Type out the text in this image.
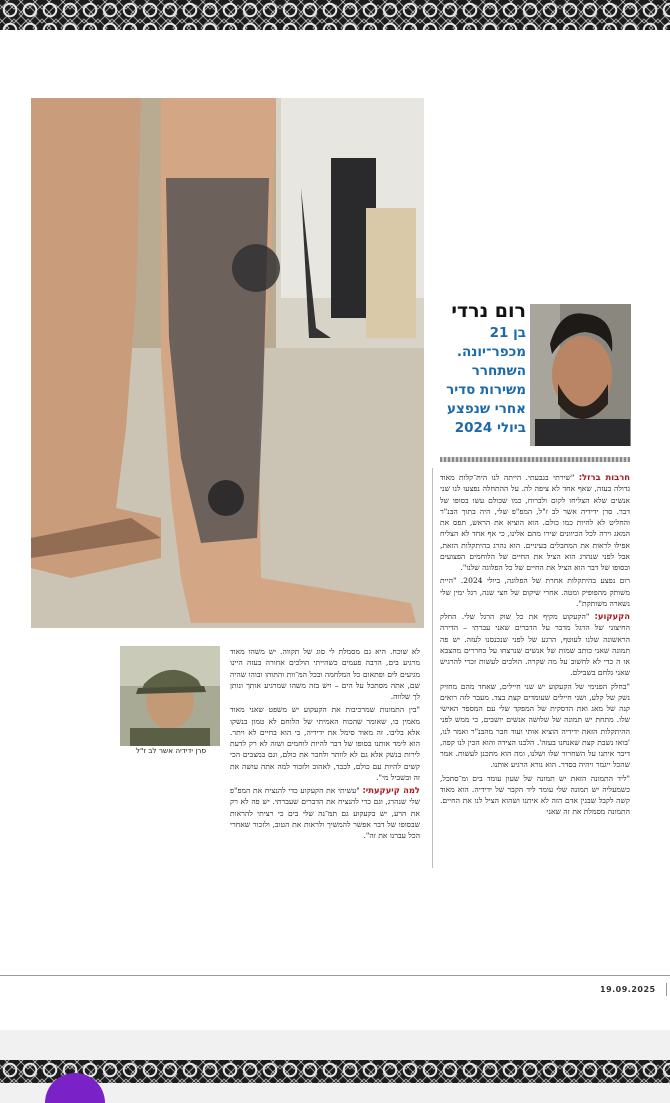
רום נרדי

בן 21 מכפר־יונה. השתחרר משירות סדיר אחרי שנפצע ביולי 2024

חרבות ברזל: "שירתי בגבעתי. הייתה לנו היתּ־קלות מאוד גדולה בעזה, שאף אחד לא ציפה לה. על ההתחלה נפצעו לנו שני אנשים שלא הצליחו לקום ולברוח, כמו שכולם עשו בסופו של דבר. סרן ידידיה אשר לב ז"ל, המפ"פ שלי, היה בתוך הבּנ"ר והחליט לא להיות כמו כולם. הוא הוציא את הראש, תפס את המאג וירה לכל הכיוונים שירו מהם אלינו, כי אף אחד לא הצליח אפילו לראות את המחבלים בעיניים. הוא נהרג בהיתקלות הזאת, אבל לפני שנהרג הוא הציל את החיים של הלוחמים הפצועים ובסופו של דבר הוא הציל את החיים של כל הפלוגה שלנו".

רום נפצע בהיתקלות אחרת של הפלוגה, ביולי 2024. "היית משותק מהפופיק ומטה. אחרי שיקום של חצי שנה, רגל ימין שלי נשארה משותקת".

הקעקוע: "הקעקוע מקיף את כל שוק הרגל שלי. החלק החיצוני של הרגל מדבר על הדברים שאני עברתי – הדירה הראשונה שלנו לעוטף, הרגע של לפני שנכנסנו לעזה. יש פה תמונה שאני כותב שמות של אנשים שנרצחו על כחררים מהצבא או ה כדי לא לחשוב על מה שקרה. הולכים לעשות זכרי להרגיש שאני גלחם בשבילם.

"בחלק הפנימי של הקעקוע יש שני חיילים, שאחד מהם מחזיק נשק של קלע, ושני חיילים שעומדים קצת בצד. מעבר לזה רואים קנה של מאג ואת הדסקית של המפקד שלי עם המספר האישי שלו. מתחת יש תמונה של שלושה אנשים יושבים, כי ממש לפני ההיתקלות הזאת ידידיה הוציא אותי ועוד חבר מהבּנ"ר ואמר לנו, 'בואו נשבת קצת שאנחנו בעזה'. הלכנו הצידה והוא הכין לנו קפה, דיבר איתנו על השחרור שלו ושלנו, ומה הוא מתכנן לעשות. אמר שהכל ייגמר ויהיה בסדר. הוא נורא הרגיע אותנו.

"ליד התמונה הזאת יש תמונה של שעון עומד בים ומּ־סתכל, כשמעליה יש תמונה שלי עומד ליד הקבר של ידידיה. הוא מאוד קשה לקבל שבגין אדם הזה לא איתנו ושהוא הציל לנו את החיים. התמונה מסמלת את זה שאני

סרן ידידיה אשר לב ז"ל

לא שוכח. היא גם מסמלת לי סוג של תקווה. יש משהו מאוד מרגיע בים, הרבה פעמים כשהייתי הולכים אחורה בעזה היינו מגיעים לים ופתאום כל המלחמה ובכל המּ־וות והתוהו ובוהו שהיה שם, אתה מסתכל על הים – ויש בזה משהו שמרגיע אותך ונותן לך שלווה.

"בין התמונות שמרכיבות את הקעקוע יש משפט שאני מאוד מאמין בו, שאומר שהכוח האמיתי של הלוחם לא טמון בנשקו אלא בליבו. זה מאוד סימל את ידידיה, כי הוא בחיים לא ויתר. הוא לימד אותנו בסופו של דבר להיות לוחמים ושזה לא רק לדעת לירות בנשק אלא גם לא לוותר ולחבר את כולם, וגם במצבים הכי קשים להיות עם כולם, לכבד, לאהוב ולזכור למה אתה עושה את זה ובשביל מי".

למה קיעקעתי: "עשיתי את הקעקוע כדי להנציח את המפ"פ שלי שנהרג, וגם כדי להנציח את הדברים שעברתי. יש פה לא רק את הרע, יש בקעקוע גם תמּ־נה שלי בים כי רציתי להראות שבסופו של דבר אפשר להמשיך ולראות את הטוב, ולזכור שאחרי הכל עברנו את זה".

19.09.2025
